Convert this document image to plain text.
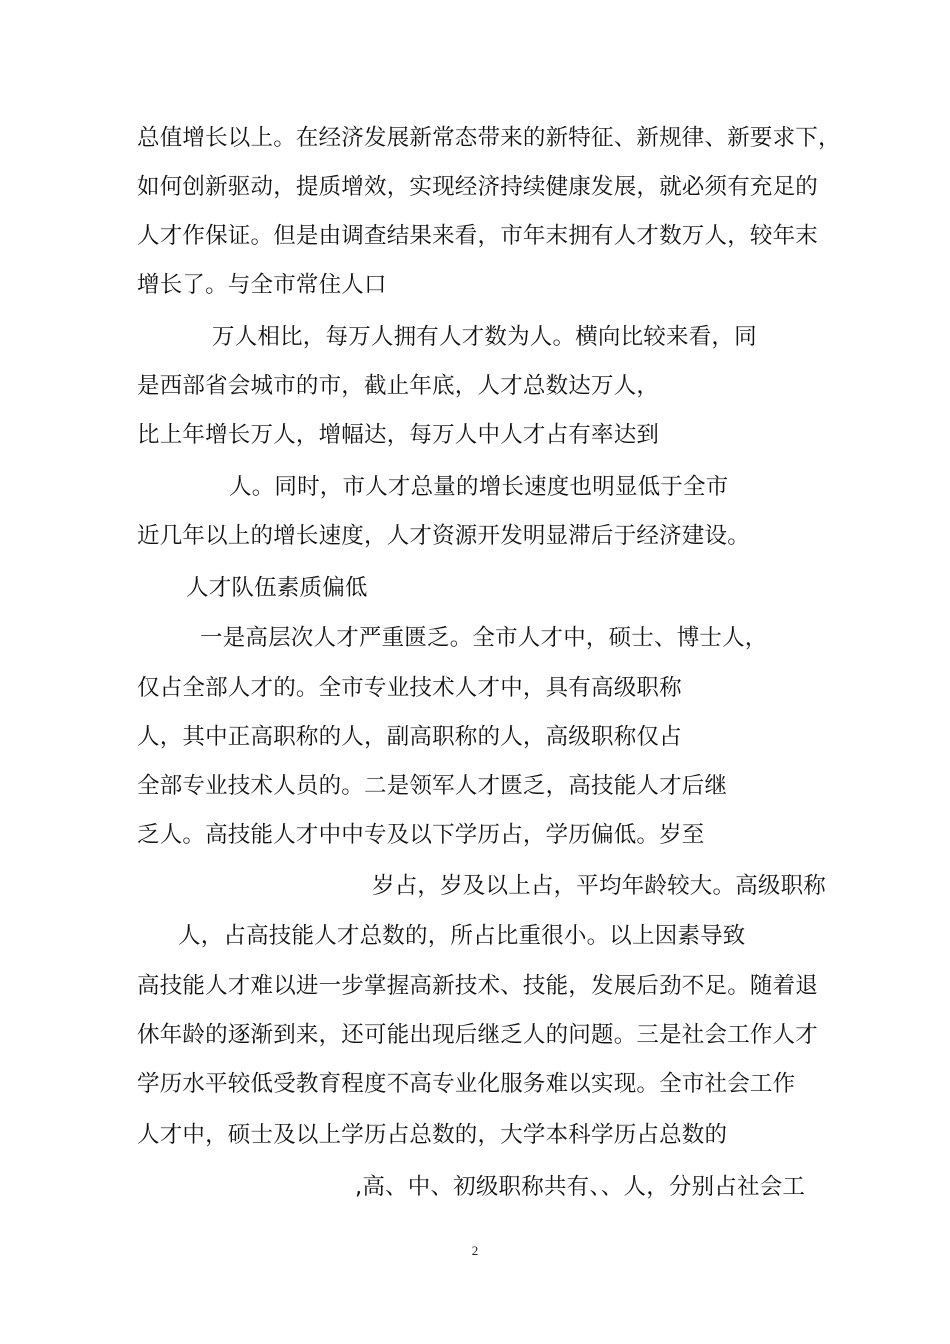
总值增长以上。在经济发展新常态带来的新特征、新规律、新要求下，
如何创新驱动，提质增效，实现经济持续健康发展，就必须有充足的
人才作保证。但是由调查结果来看，市年末拥有人才数万人，较年末
增长了。与全市常住人口
万人相比，每万人拥有人才数为人。横向比较来看，同
是西部省会城市的市，截止年底，人才总数达万人，
比上年增长万人，增幅达，每万人中人才占有率达到
人。同时，市人才总量的增长速度也明显低于全市
近几年以上的增长速度，人才资源开发明显滞后于经济建设。
人才队伍素质偏低
一是高层次人才严重匮乏。全市人才中，硕士、博士人，
仅占全部人才的。全市专业技术人才中，具有高级职称
人，其中正高职称的人，副高职称的人，高级职称仅占
全部专业技术人员的。二是领军人才匮乏，高技能人才后继
乏人。高技能人才中中专及以下学历占，学历偏低。岁至
岁占，岁及以上占，平均年龄较大。高级职称
人，占高技能人才总数的，所占比重很小。以上因素导致
高技能人才难以进一步掌握高新技术、技能，发展后劲不足。随着退
休年龄的逐渐到来，还可能出现后继乏人的问题。三是社会工作人才
学历水平较低受教育程度不高专业化服务难以实现。全市社会工作
人才中，硕士及以上学历占总数的，大学本科学历占总数的
,高、中、初级职称共有、、人，分别占社会工
2
